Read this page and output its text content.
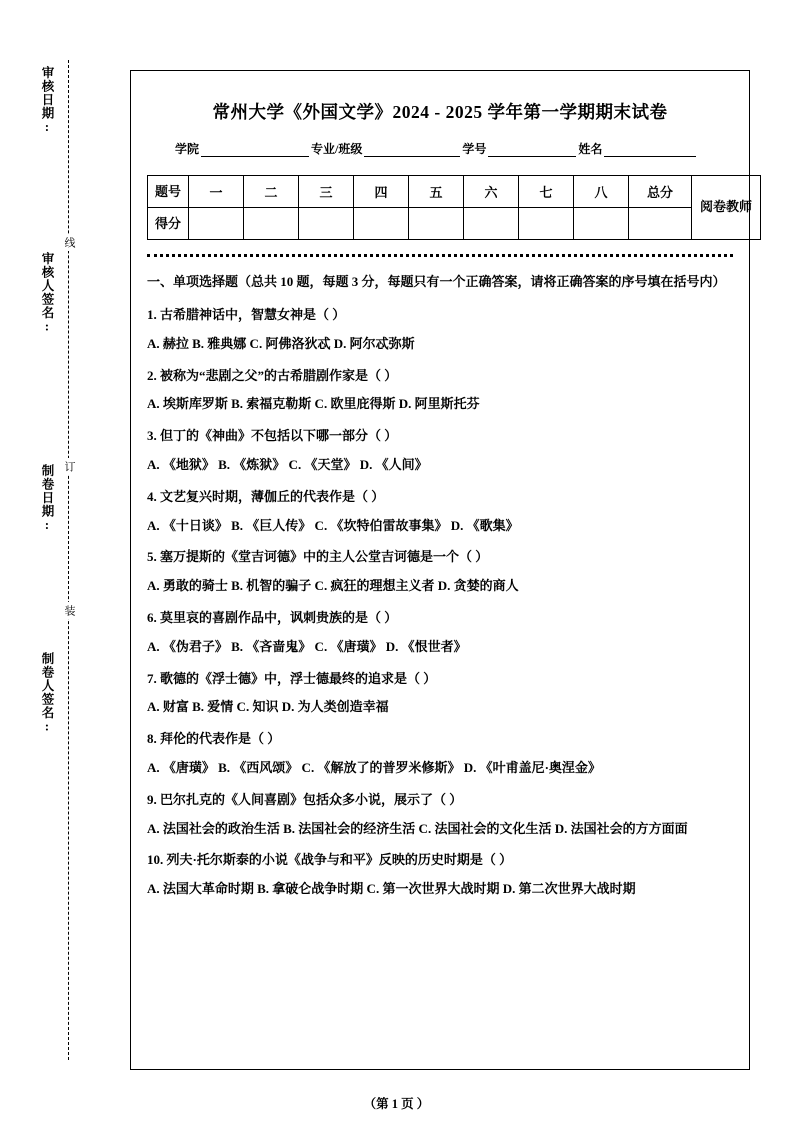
审核日期:
审核人签名:
制卷日期:
制卷人签名:
线
订
装
常州大学《外国文学》2024 - 2025 学年第一学期期末试卷
学院	专业/班级	学号	姓名
题号	一	二	三	四	五	六	七	八	总分	阅卷教师
得分										
一、单项选择题（总共 10 题，每题 3 分，每题只有一个正确答案，请将正确答案的序号填在括号内）
1. 古希腊神话中，智慧女神是（ ）
A. 赫拉 B. 雅典娜 C. 阿佛洛狄忒 D. 阿尔忒弥斯
2. 被称为“悲剧之父”的古希腊剧作家是（ ）
A. 埃斯库罗斯 B. 索福克勒斯 C. 欧里庇得斯 D. 阿里斯托芬
3. 但丁的《神曲》不包括以下哪一部分（ ）
A. 《地狱》 B. 《炼狱》 C. 《天堂》 D. 《人间》
4. 文艺复兴时期，薄伽丘的代表作是（ ）
A. 《十日谈》 B. 《巨人传》 C. 《坎特伯雷故事集》 D. 《歌集》
5. 塞万提斯的《堂吉诃德》中的主人公堂吉诃德是一个（ ）
A. 勇敢的骑士 B. 机智的骗子 C. 疯狂的理想主义者 D. 贪婪的商人
6. 莫里哀的喜剧作品中，讽刺贵族的是（ ）
A. 《伪君子》 B. 《吝啬鬼》 C. 《唐璜》 D. 《恨世者》
7. 歌德的《浮士德》中，浮士德最终的追求是（ ）
A. 财富 B. 爱情 C. 知识 D. 为人类创造幸福
8. 拜伦的代表作是（ ）
A. 《唐璜》 B. 《西风颂》 C. 《解放了的普罗米修斯》 D. 《叶甫盖尼·奥涅金》
9. 巴尔扎克的《人间喜剧》包括众多小说，展示了（ ）
A. 法国社会的政治生活 B. 法国社会的经济生活 C. 法国社会的文化生活 D. 法国社会的方方面面
10. 列夫·托尔斯泰的小说《战争与和平》反映的历史时期是（ ）
A. 法国大革命时期 B. 拿破仑战争时期 C. 第一次世界大战时期 D. 第二次世界大战时期
（第 1 页 ）
